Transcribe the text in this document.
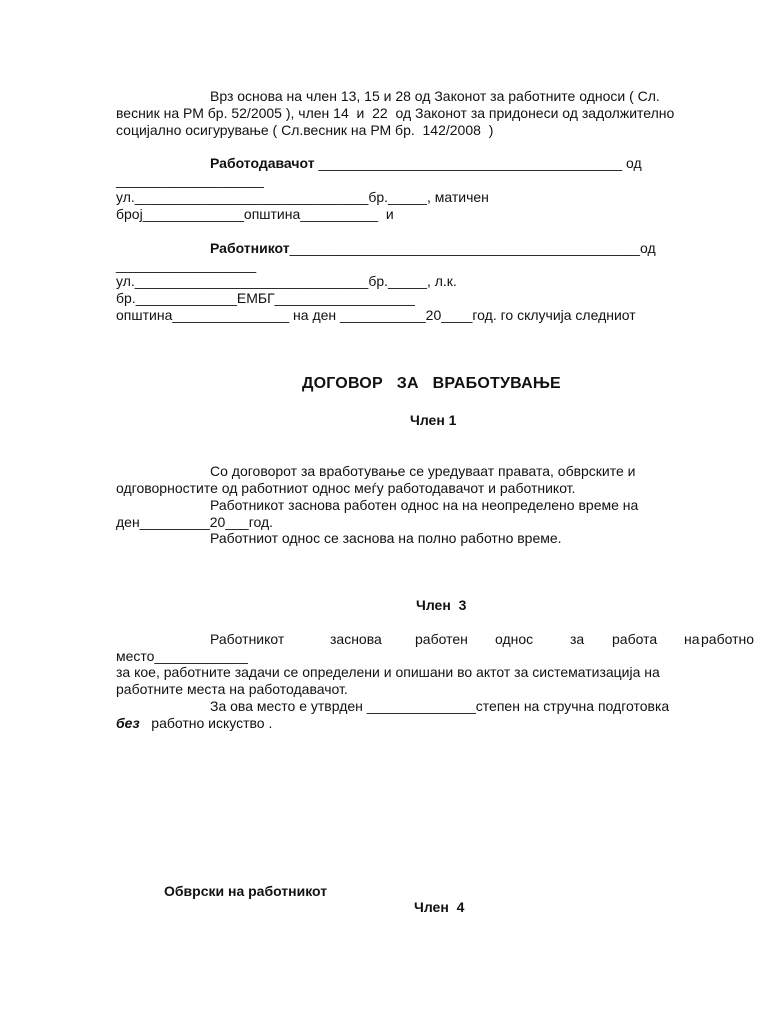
Врз основа на член 13, 15 и 28 од Законот за работните односи ( Сл.

весник на РМ бр. 52/2005 ), член 14  и  22  од Законот за придонеси од задолжително

социјално осигурување ( Сл.весник на РМ бр.  142/2008  )

Работодавачот _______________________________________ од

___________________

ул.______________________________бр._____, матичен

број_____________општина__________  и

Работникот_____________________________________________од

__________________

ул.______________________________бр._____, л.к.

бр._____________ЕМБГ__________________

општина_______________ на ден ___________20____год. го склучија следниот

ДОГОВОР   ЗА   ВРАБОТУВАЊЕ

Член 1

Со договорот за вработување се уредуваат правата, обврските и

одговорностите од работниот однос меѓу работодавачот и работникот.

Работникот заснова работен однос на на неопределено време на

ден_________20___год.

Работниот однос се заснова на полно работно време.

Член  3

Работникот	заснова работен однос	за работа на работно

место____________

за кое, работните задачи се определени и опишани во актот за систематизација на

работните места на работодавачот.

За ова место е утврден ______________степен на стручна подготовка

без   работно искуство .

Обврски на работникот

Член  4
